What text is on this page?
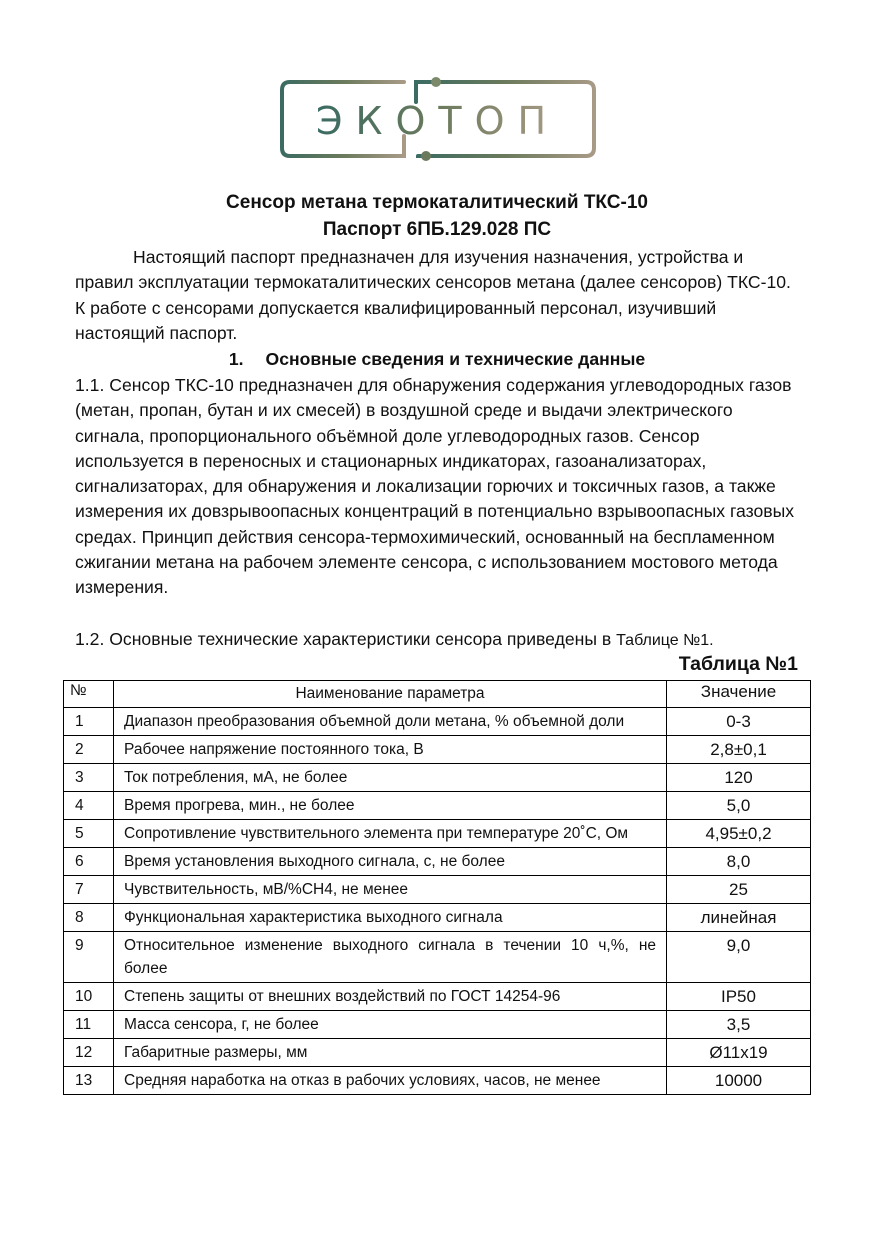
ЭКОТОП
Сенсор метана термокаталитический ТКС-10
Паспорт 6ПБ.129.028 ПС
Настоящий паспорт предназначен для изучения назначения, устройства и правил эксплуатации термокаталитических сенсоров метана (далее сенсоров) ТКС-10. К работе с сенсорами допускается квалифицированный персонал, изучивший настоящий паспорт.
1. Основные сведения и технические данные
1.1. Сенсор ТКС-10 предназначен для обнаружения содержания углеводородных газов (метан, пропан, бутан и их смесей) в воздушной среде и выдачи электрического сигнала, пропорционального объёмной доле углеводородных газов. Сенсор используется в переносных и стационарных индикаторах, газоанализаторах, сигнализаторах, для обнаружения и локализации горючих и токсичных газов, а также измерения их довзрывоопасных концентраций в потенциально взрывоопасных газовых средах. Принцип действия сенсора-термохимический, основанный на беспламенном сжигании метана на рабочем элементе сенсора, с использованием мостового метода измерения.
1.2. Основные технические характеристики сенсора приведены в Таблице №1.
Таблица №1
№	Наименование параметра	Значение
1	Диапазон преобразования объемной доли метана, % объемной доли	0-3
2	Рабочее напряжение постоянного тока, В	2,8±0,1
3	Ток потребления, мА, не более	120
4	Время прогрева, мин., не более	5,0
5	Сопротивление чувствительного элемента при температуре 20˚С, Ом	4,95±0,2
6	Время установления выходного сигнала, с, не более	8,0
7	Чувствительность, мВ/%СН4, не менее	25
8	Функциональная характеристика выходного сигнала	линейная
9	Относительное изменение выходного сигнала в течении 10 ч,%, не более	9,0
10	Степень защиты от внешних воздействий по ГОСТ 14254-96	IP50
11	Масса сенсора, г, не более	3,5
12	Габаритные размеры, мм	Ø11х19
13	Средняя наработка на отказ в рабочих условиях, часов, не менее	10000
